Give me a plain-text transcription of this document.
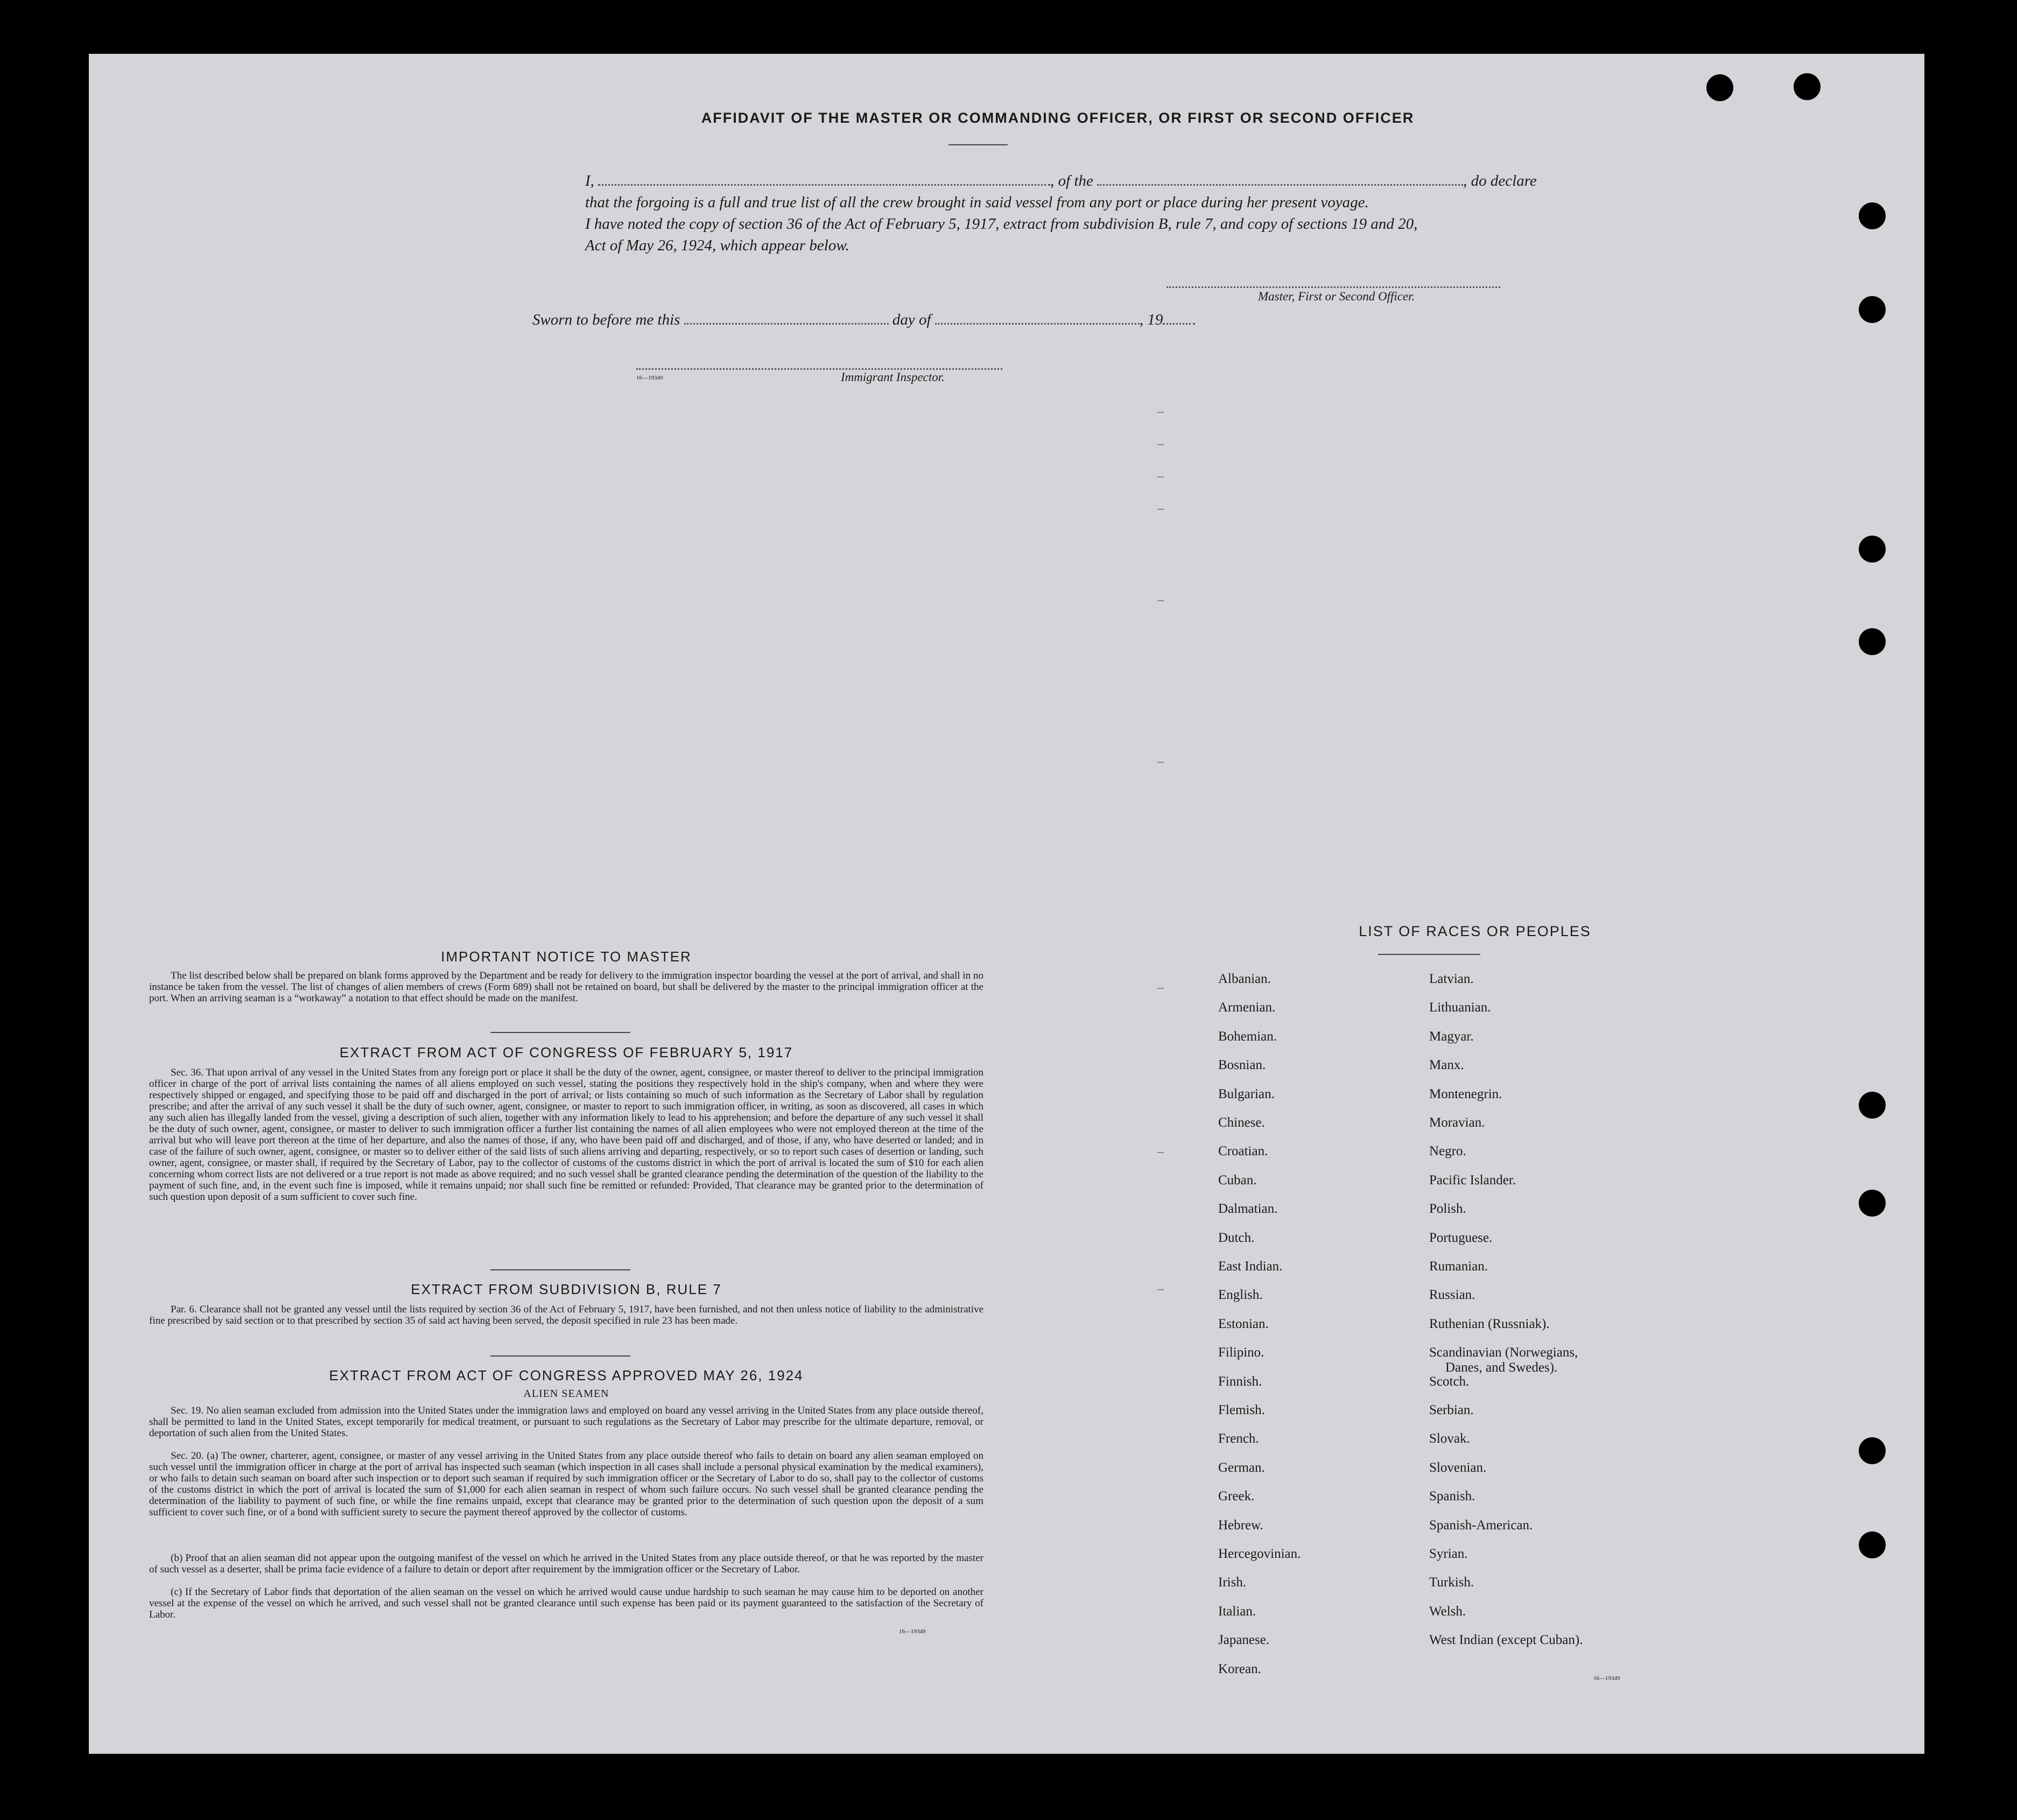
AFFIDAVIT OF THE MASTER OR COMMANDING OFFICER, OR FIRST OR SECOND OFFICER
I,	, of the	, do declare
that the forgoing is a full and true list of all the crew brought in said vessel from any port or place during her present voyage.
I have noted the copy of section 36 of the Act of February 5, 1917, extract from subdivision B, rule 7, and copy of sections 19 and 20,
Act of May 26, 1924, which appear below.
Master, First or Second Officer.
Sworn to before me this	day of	, 19
16—19349	Immigrant Inspector.
IMPORTANT NOTICE TO MASTER
The list described below shall be prepared on blank forms approved by the Department and be ready for delivery to the immigration inspector boarding the vessel at the port of arrival, and shall in no instance be taken from the vessel. The list of changes of alien members of crews (Form 689) shall not be retained on board, but shall be delivered by the master to the principal immigration officer at the port. When an arriving seaman is a “workaway” a notation to that effect should be made on the manifest.
EXTRACT FROM ACT OF CONGRESS OF FEBRUARY 5, 1917
Sec. 36. That upon arrival of any vessel in the United States from any foreign port or place it shall be the duty of the owner, agent, consignee, or master thereof to deliver to the principal immigration officer in charge of the port of arrival lists containing the names of all aliens employed on such vessel, stating the positions they respectively hold in the ship's company, when and where they were respectively shipped or engaged, and specifying those to be paid off and discharged in the port of arrival; or lists containing so much of such information as the Secretary of Labor shall by regulation prescribe; and after the arrival of any such vessel it shall be the duty of such owner, agent, consignee, or master to report to such immigration officer, in writing, as soon as discovered, all cases in which any such alien has illegally landed from the vessel, giving a description of such alien, together with any information likely to lead to his apprehension; and before the departure of any such vessel it shall be the duty of such owner, agent, consignee, or master to deliver to such immigration officer a further list containing the names of all alien employees who were not employed thereon at the time of the arrival but who will leave port thereon at the time of her departure, and also the names of those, if any, who have been paid off and discharged, and of those, if any, who have deserted or landed; and in case of the failure of such owner, agent, consignee, or master so to deliver either of the said lists of such aliens arriving and departing, respectively, or so to report such cases of desertion or landing, such owner, agent, consignee, or master shall, if required by the Secretary of Labor, pay to the collector of customs of the customs district in which the port of arrival is located the sum of $10 for each alien concerning whom correct lists are not delivered or a true report is not made as above required; and no such vessel shall be granted clearance pending the determination of the question of the liability to the payment of such fine, and, in the event such fine is imposed, while it remains unpaid; nor shall such fine be remitted or refunded: Provided, That clearance may be granted prior to the determination of such question upon deposit of a sum sufficient to cover such fine.
EXTRACT FROM SUBDIVISION B, RULE 7
Par. 6. Clearance shall not be granted any vessel until the lists required by section 36 of the Act of February 5, 1917, have been furnished, and not then unless notice of liability to the administrative fine prescribed by said section or to that prescribed by section 35 of said act having been served, the deposit specified in rule 23 has been made.
EXTRACT FROM ACT OF CONGRESS APPROVED MAY 26, 1924
ALIEN SEAMEN
Sec. 19. No alien seaman excluded from admission into the United States under the immigration laws and employed on board any vessel arriving in the United States from any place outside thereof, shall be permitted to land in the United States, except temporarily for medical treatment, or pursuant to such regulations as the Secretary of Labor may prescribe for the ultimate departure, removal, or deportation of such alien from the United States.
Sec. 20. (a) The owner, charterer, agent, consignee, or master of any vessel arriving in the United States from any place outside thereof who fails to detain on board any alien seaman employed on such vessel until the immigration officer in charge at the port of arrival has inspected such seaman (which inspection in all cases shall include a personal physical examination by the medical examiners), or who fails to detain such seaman on board after such inspection or to deport such seaman if required by such immigration officer or the Secretary of Labor to do so, shall pay to the collector of customs of the customs district in which the port of arrival is located the sum of $1,000 for each alien seaman in respect of whom such failure occurs. No such vessel shall be granted clearance pending the determination of the liability to payment of such fine, or while the fine remains unpaid, except that clearance may be granted prior to the determination of such question upon the deposit of a sum sufficient to cover such fine, or of a bond with sufficient surety to secure the payment thereof approved by the collector of customs.
(b) Proof that an alien seaman did not appear upon the outgoing manifest of the vessel on which he arrived in the United States from any place outside thereof, or that he was reported by the master of such vessel as a deserter, shall be prima facie evidence of a failure to detain or deport after requirement by the immigration officer or the Secretary of Labor.
(c) If the Secretary of Labor finds that deportation of the alien seaman on the vessel on which he arrived would cause undue hardship to such seaman he may cause him to be deported on another vessel at the expense of the vessel on which he arrived, and such vessel shall not be granted clearance until such expense has been paid or its payment guaranteed to the satisfaction of the Secretary of Labor.
16—19349
LIST OF RACES OR PEOPLES
Albanian.
Armenian.
Bohemian.
Bosnian.
Bulgarian.
Chinese.
Croatian.
Cuban.
Dalmatian.
Dutch.
East Indian.
English.
Estonian.
Filipino.
Finnish.
Flemish.
French.
German.
Greek.
Hebrew.
Hercegovinian.
Irish.
Italian.
Japanese.
Korean.
Latvian.
Lithuanian.
Magyar.
Manx.
Montenegrin.
Moravian.
Negro.
Pacific Islander.
Polish.
Portuguese.
Rumanian.
Russian.
Ruthenian (Russniak).
Scandinavian (Norwegians,
Danes, and Swedes).
Scotch.
Serbian.
Slovak.
Slovenian.
Spanish.
Spanish-American.
Syrian.
Turkish.
Welsh.
West Indian (except Cuban).
16—19349
